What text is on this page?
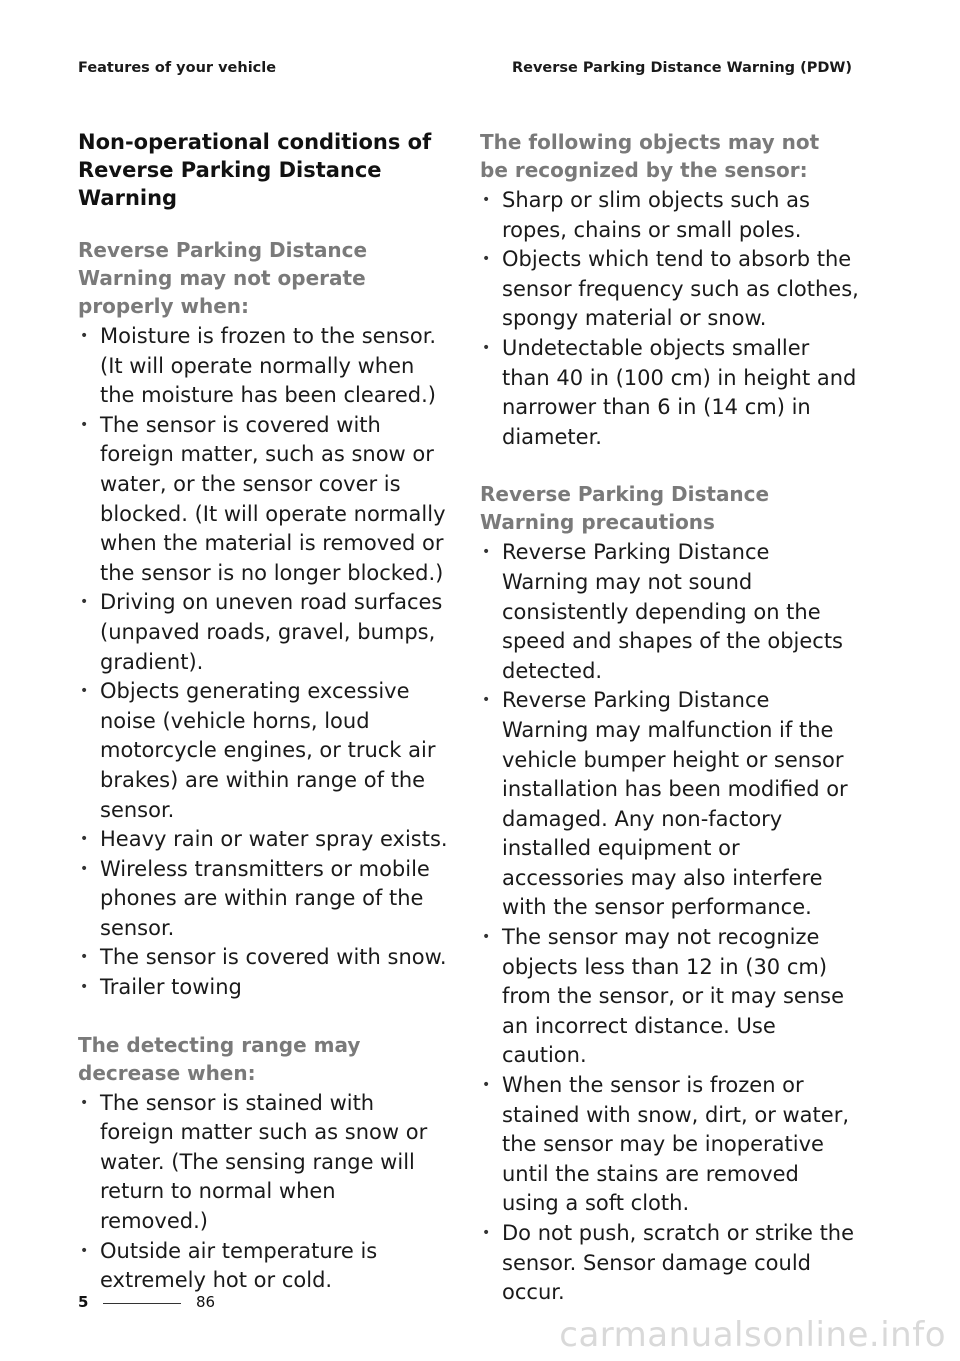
Features of your vehicle	Reverse Parking Distance Warning (PDW)
Non-operational conditions of Reverse Parking Distance Warning
Reverse Parking Distance Warning may not operate properly when:
• Moisture is frozen to the sensor. (It will operate normally when the moisture has been cleared.)
• The sensor is covered with foreign matter, such as snow or water, or the sensor cover is blocked. (It will operate normally when the material is removed or the sensor is no longer blocked.)
• Driving on uneven road surfaces (unpaved roads, gravel, bumps, gradient).
• Objects generating excessive noise (vehicle horns, loud motorcycle engines, or truck air brakes) are within range of the sensor.
• Heavy rain or water spray exists.
• Wireless transmitters or mobile phones are within range of the sensor.
• The sensor is covered with snow.
• Trailer towing
The detecting range may decrease when:
• The sensor is stained with foreign matter such as snow or water. (The sensing range will return to normal when removed.)
• Outside air temperature is extremely hot or cold.
The following objects may not be recognized by the sensor:
• Sharp or slim objects such as ropes, chains or small poles.
• Objects which tend to absorb the sensor frequency such as clothes, spongy material or snow.
• Undetectable objects smaller than 40 in (100 cm) in height and narrower than 6 in (14 cm) in diameter.
Reverse Parking Distance Warning precautions
• Reverse Parking Distance Warning may not sound consistently depending on the speed and shapes of the objects detected.
• Reverse Parking Distance Warning may malfunction if the vehicle bumper height or sensor installation has been modified or damaged. Any non-factory installed equipment or accessories may also interfere with the sensor performance.
• The sensor may not recognize objects less than 12 in (30 cm) from the sensor, or it may sense an incorrect distance. Use caution.
• When the sensor is frozen or stained with snow, dirt, or water, the sensor may be inoperative until the stains are removed using a soft cloth.
• Do not push, scratch or strike the sensor. Sensor damage could occur.
5	86
carmanualsonline.info
